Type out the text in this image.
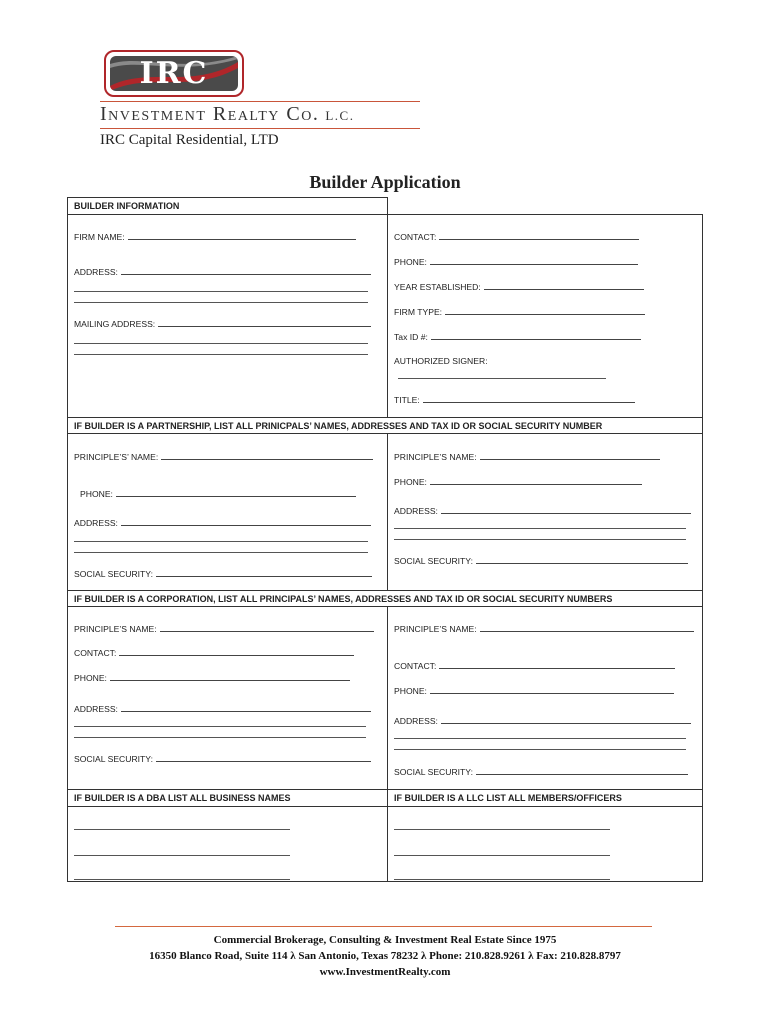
IRC
Investment Realty Co. L.C.
IRC Capital Residential, LTD
Builder Application
BUILDER INFORMATION
FIRM NAME:
ADDRESS:
MAILING ADDRESS:
CONTACT:
PHONE:
YEAR ESTABLISHED:
FIRM TYPE:
Tax ID #:
AUTHORIZED SIGNER:
TITLE:
IF BUILDER IS A PARTNERSHIP, LIST ALL PRINICPALS’ NAMES, ADDRESSES AND TAX ID OR SOCIAL SECURITY NUMBER
PRINCIPLE’S’ NAME:
PHONE:
ADDRESS:
SOCIAL SECURITY:
PRINCIPLE’S NAME:
PHONE:
ADDRESS:
SOCIAL SECURITY:
IF BUILDER IS A CORPORATION, LIST ALL PRINCIPALS’ NAMES, ADDRESSES AND TAX ID OR SOCIAL SECURITY NUMBERS
PRINCIPLE’S NAME:
CONTACT:
PHONE:
ADDRESS:
SOCIAL SECURITY:
PRINCIPLE’S NAME:
CONTACT:
PHONE:
ADDRESS:
SOCIAL SECURITY:
IF BUILDER IS A DBA LIST ALL BUSINESS NAMES	IF BUILDER IS A LLC LIST ALL MEMBERS/OFFICERS
Commercial Brokerage, Consulting & Investment Real Estate Since 1975
16350 Blanco Road, Suite 114 λ San Antonio, Texas 78232 λ Phone: 210.828.9261 λ Fax: 210.828.8797
www.InvestmentRealty.com
